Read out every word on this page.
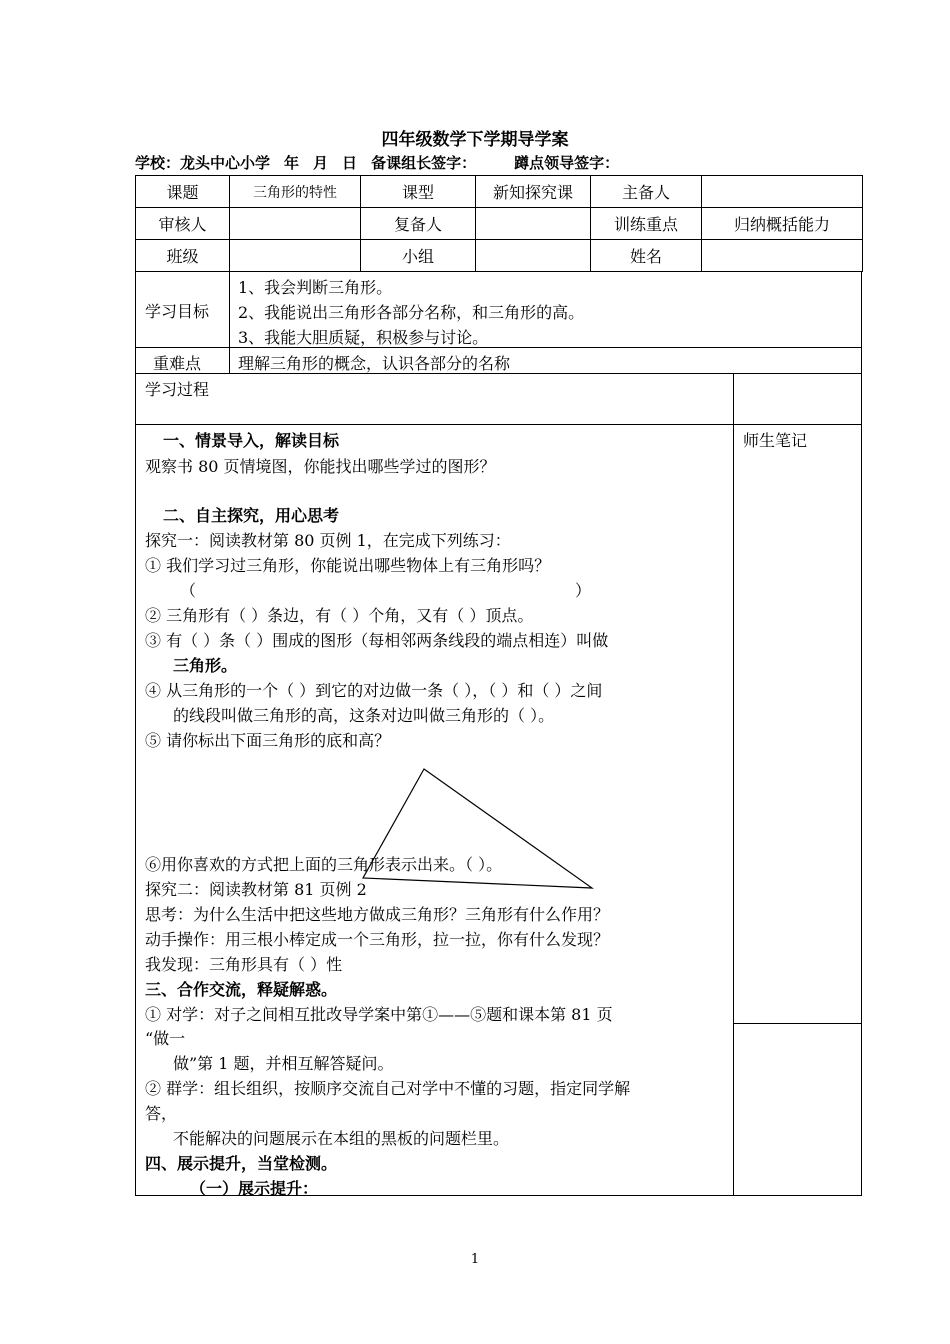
四年级数学下学期导学案
学校：龙头中心小学 年 月 日 备课组长签字：	蹲点领导签字：
课题	三角形的特性	课型	新知探究课	主备人	
审核人		复备人		训练重点	归纳概括能力
班级		小组		姓名	
学习目标
1、我会判断三角形。
2、我能说出三角形各部分名称，和三角形的高。
3、我能大胆质疑，积极参与讨论。
重难点 理解三角形的概念，认识各部分的名称
学习过程
师生笔记
一、情景导入，解读目标
观察书 80 页情境图，你能找出哪些学过的图形？
二、自主探究，用心思考
探究一：阅读教材第 80 页例 1，在完成下列练习：
① 我们学习过三角形，你能说出哪些物体上有三角形吗？
（	）
② 三角形有（ ）条边，有（ ）个角，又有（ ）顶点。
③ 有（ ）条（ ）围成的图形（每相邻两条线段的端点相连）叫做
三角形。
④ 从三角形的一个（ ）到它的对边做一条（ ），（ ）和（ ）之间
的线段叫做三角形的高，这条对边叫做三角形的（ ）。
⑤ 请你标出下面三角形的底和高？
⑥用你喜欢的方式把上面的三角形表示出来。（ ）。
探究二：阅读教材第 81 页例 2
思考：为什么生活中把这些地方做成三角形？三角形有什么作用？
动手操作：用三根小棒定成一个三角形，拉一拉，你有什么发现？
我发现：三角形具有（ ）性
三、合作交流，释疑解惑。
① 对学：对子之间相互批改导学案中第①——⑤题和课本第 81 页
“做一
做”第 1 题，并相互解答疑问。
② 群学：组长组织，按顺序交流自己对学中不懂的习题，指定同学解
答，
不能解决的问题展示在本组的黑板的问题栏里。
四、展示提升，当堂检测。
（一）展示提升：
1
